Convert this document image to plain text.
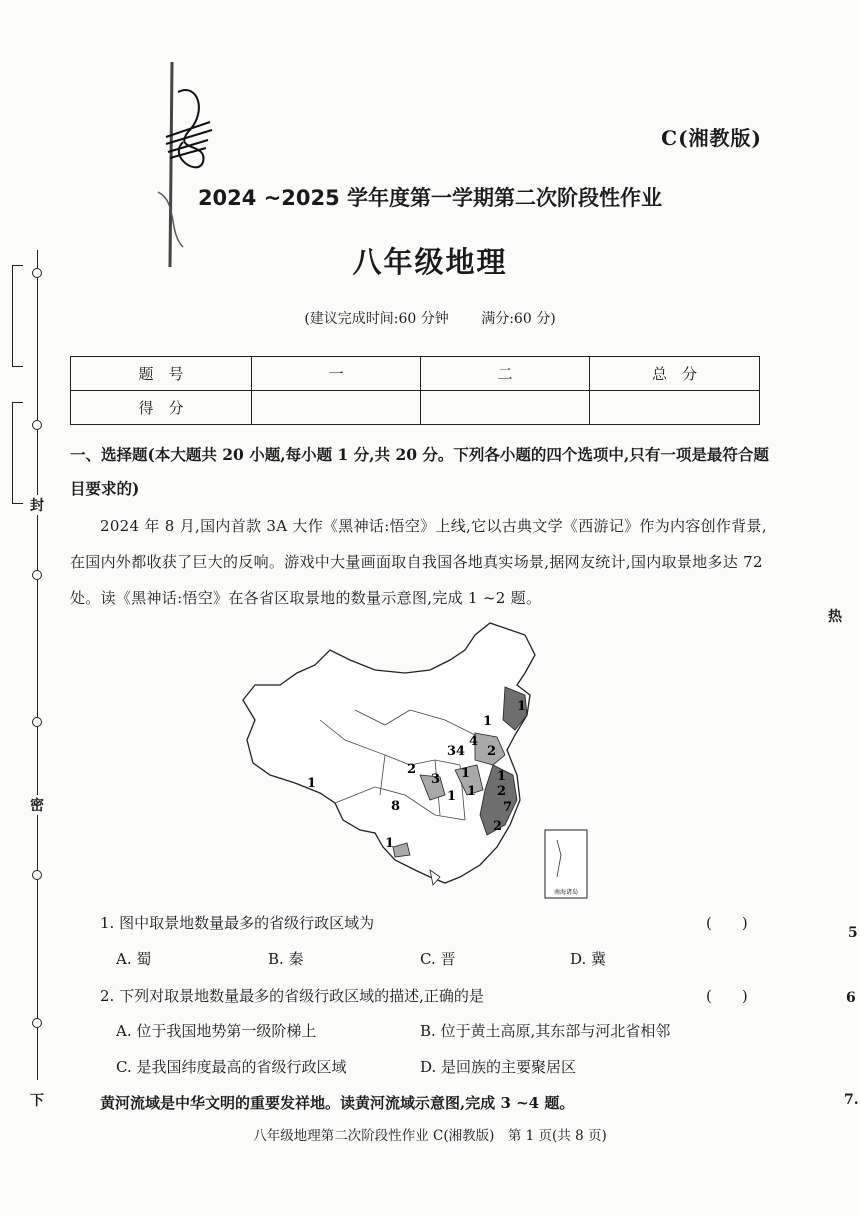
封
密
下
C(湘教版)
2024 ~2025 学年度第一学期第二次阶段性作业
八年级地理
(建议完成时间:60 分钟 满分:60 分)
题　号	一	二	总　分
得　分			
一、选择题(本大题共 20 小题,每小题 1 分,共 20 分。下列各小题的四个选项中,只有一项是最符合题目要求的)
2024 年 8 月,国内首款 3A 大作《黑神话:悟空》上线,它以古典文学《西游记》作为内容创作背景,在国内外都收获了巨大的反响。游戏中大量画面取自我国各地真实场景,据网友统计,国内取景地多达 72 处。读《黑神话:悟空》在各省区取景地的数量示意图,完成 1 ~2 题。
南海诸岛
1
2
3
34
4
1
1
1
8
1
2
1 2
7
2
1
1
1. 图中取景地数量最多的省级行政区域为	(　　)
A. 蜀	B. 秦	C. 晋	D. 冀
2. 下列对取景地数量最多的省级行政区域的描述,正确的是	(　　)
A. 位于我国地势第一级阶梯上	B. 位于黄土高原,其东部与河北省相邻
C. 是我国纬度最高的省级行政区域	D. 是回族的主要聚居区
黄河流域是中华文明的重要发祥地。读黄河流域示意图,完成 3 ~4 题。
八年级地理第二次阶段性作业 C(湘教版)　第 1 页(共 8 页)
热
5
6
7.
